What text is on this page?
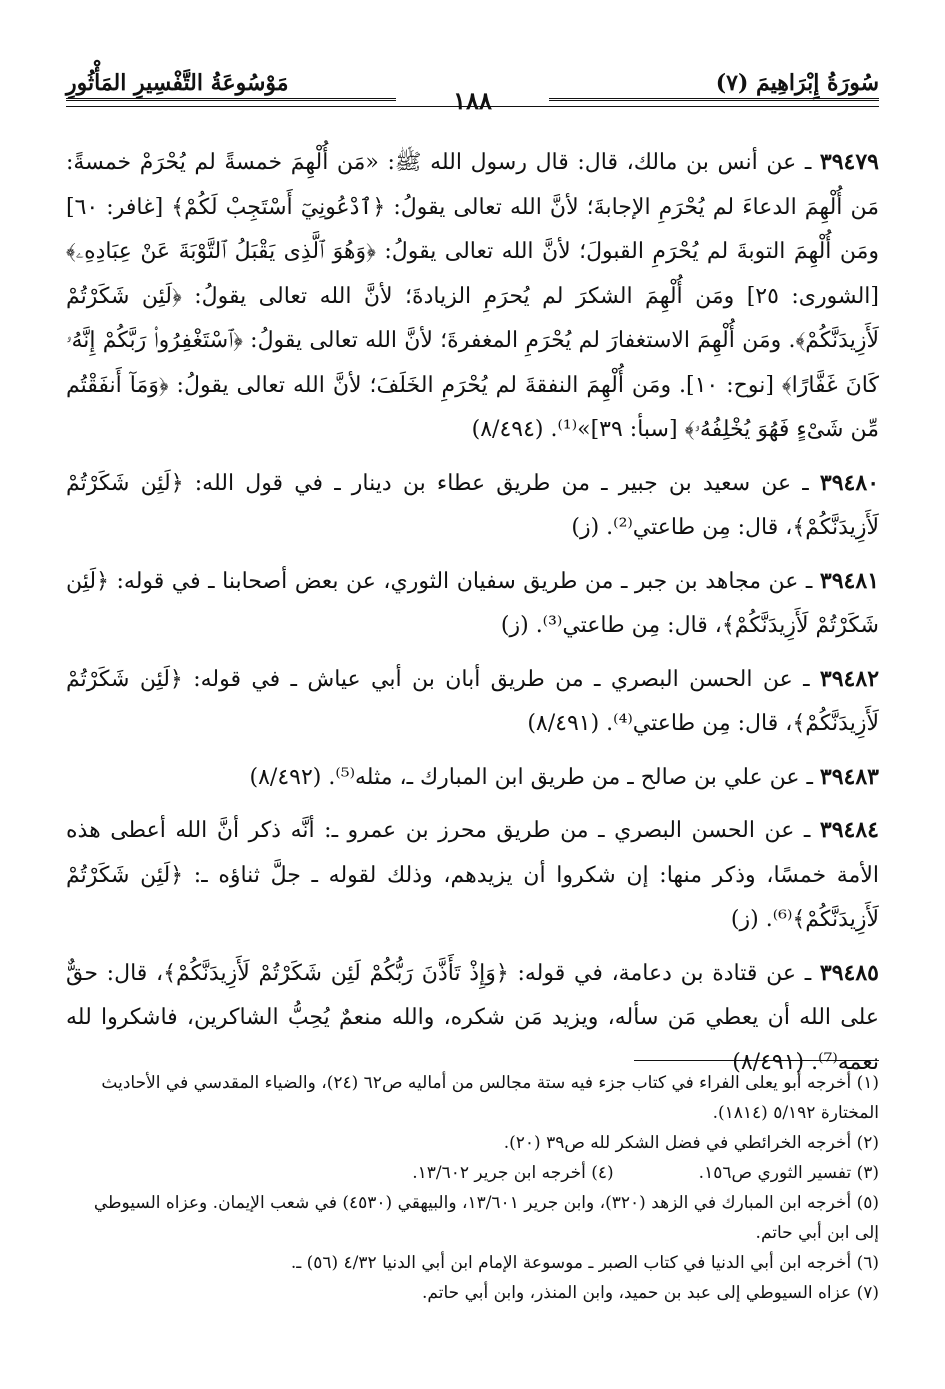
سُورَةُ إِبْرَاهِيمَ (٧)
مَوْسُوعَةُ التَّفْسِيرِ المَأْثُورِ
١٨٨

٣٩٤٧٩ ـ عن أنس بن مالك، قال: قال رسول الله ﷺ: «مَن أُلْهِمَ خمسةً لم يُحْرَمْ خمسةً: مَن أُلْهِمَ الدعاءَ لم يُحْرَمِ الإجابةَ؛ لأنَّ الله تعالى يقولُ: ﴿ٱدْعُونِيٓ أَسْتَجِبْ لَكُمْ﴾ [غافر: ٦٠] ومَن أُلْهِمَ التوبةَ لم يُحْرَمِ القبولَ؛ لأنَّ الله تعالى يقولُ: ﴿وَهُوَ ٱلَّذِى يَقْبَلُ ٱلتَّوْبَةَ عَنْ عِبَادِهِۦ﴾ [الشورى: ٢٥] ومَن أُلْهِمَ الشكرَ لم يُحرَمِ الزيادةَ؛ لأنَّ الله تعالى يقولُ: ﴿لَئِن شَكَرْتُمْ لَأَزِيدَنَّكُمْ﴾. ومَن أُلْهِمَ الاستغفارَ لم يُحْرَمِ المغفرةَ؛ لأنَّ الله تعالى يقولُ: ﴿ٱسْتَغْفِرُوا۟ رَبَّكُمْ إِنَّهُۥ كَانَ غَفَّارًا﴾ [نوح: ١٠]. ومَن أُلْهِمَ النفقةَ لم يُحْرَمِ الخَلَفَ؛ لأنَّ الله تعالى يقولُ: ﴿وَمَآ أَنفَقْتُم مِّن شَىْءٍ فَهُوَ يُخْلِفُهُۥ﴾ [سبأ: ٣٩]»⁽¹⁾. (٨/٤٩٤)

٣٩٤٨٠ ـ عن سعيد بن جبير ـ من طريق عطاء بن دينار ـ في قول الله: ﴿لَئِن شَكَرْتُمْ لَأَزِيدَنَّكُمْ﴾، قال: مِن طاعتي⁽²⁾. (ز)

٣٩٤٨١ ـ عن مجاهد بن جبر ـ من طريق سفيان الثوري، عن بعض أصحابنا ـ في قوله: ﴿لَئِن شَكَرْتُمْ لَأَزِيدَنَّكُمْ﴾، قال: مِن طاعتي⁽³⁾. (ز)

٣٩٤٨٢ ـ عن الحسن البصري ـ من طريق أبان بن أبي عياش ـ في قوله: ﴿لَئِن شَكَرْتُمْ لَأَزِيدَنَّكُمْ﴾، قال: مِن طاعتي⁽⁴⁾. (٨/٤٩١)

٣٩٤٨٣ ـ عن علي بن صالح ـ من طريق ابن المبارك ـ، مثله⁽⁵⁾. (٨/٤٩٢)

٣٩٤٨٤ ـ عن الحسن البصري ـ من طريق محرز بن عمرو ـ: أنَّه ذكر أنَّ الله أعطى هذه الأمة خمسًا، وذكر منها: إن شكروا أن يزيدهم، وذلك لقوله ـ جلَّ ثناؤه ـ: ﴿لَئِن شَكَرْتُمْ لَأَزِيدَنَّكُمْ﴾⁽⁶⁾. (ز)

٣٩٤٨٥ ـ عن قتادة بن دعامة، في قوله: ﴿وَإِذْ تَأَذَّنَ رَبُّكُمْ لَئِن شَكَرْتُمْ لَأَزِيدَنَّكُمْ﴾، قال: حقٌّ على الله أن يعطي مَن سأله، ويزيد مَن شكره، والله منعمٌ يُحِبُّ الشاكرين، فاشكروا لله نعمه⁽⁷⁾. (٨/٤٩١)

(١) أخرجه أبو يعلى الفراء في كتاب جزء فيه ستة مجالس من أماليه ص٦٢ (٢٤)، والضياء المقدسي في الأحاديث المختارة ٥/١٩٢ (١٨١٤).
(٢) أخرجه الخرائطي في فضل الشكر لله ص٣٩ (٢٠).
(٣) تفسير الثوري ص١٥٦.
(٤) أخرجه ابن جرير ١٣/٦٠٢.
(٥) أخرجه ابن المبارك في الزهد (٣٢٠)، وابن جرير ١٣/٦٠١، والبيهقي (٤٥٣٠) في شعب الإيمان. وعزاه السيوطي إلى ابن أبي حاتم.
(٦) أخرجه ابن أبي الدنيا في كتاب الصبر ـ موسوعة الإمام ابن أبي الدنيا ٤/٣٢ (٥٦) ـ.
(٧) عزاه السيوطي إلى عبد بن حميد، وابن المنذر، وابن أبي حاتم.
